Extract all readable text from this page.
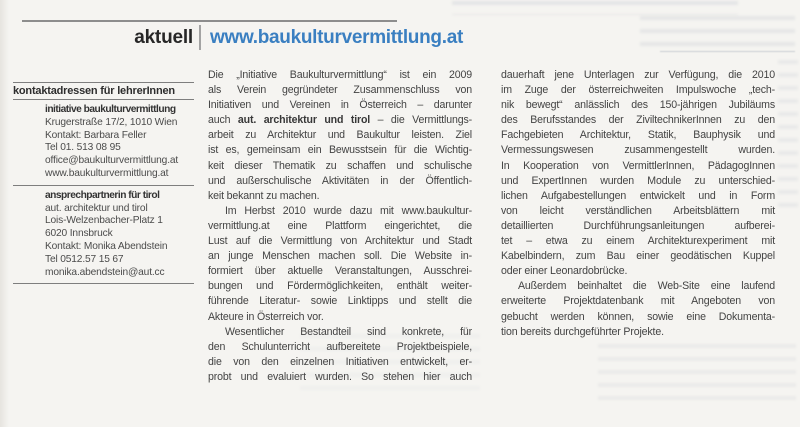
aktuell www.baukulturvermittlung.at
kontaktadressen für lehrerInnen
initiative baukulturvermittlung
Krugerstraße 17/2, 1010 Wien
Kontakt: Barbara Feller
Tel 01. 513 08 95
office@baukulturvermittlung.at
www.baukulturvermittlung.at
ansprechpartnerin für tirol
aut. architektur und tirol
Lois-Welzenbacher-Platz 1
6020 Innsbruck
Kontakt: Monika Abendstein
Tel 0512.57 15 67
monika.abendstein@aut.cc
Die „Initiative Baukulturvermittlung“ ist ein 2009
als Verein gegründeter Zusammenschluss von
Initiativen und Vereinen in Österreich – darunter
auch aut. architektur und tirol – die Vermittlungs-
arbeit zu Architektur und Baukultur leisten. Ziel
ist es, gemeinsam ein Bewusstsein für die Wichtig-
keit dieser Thematik zu schaffen und schulische
und außerschulische Aktivitäten in der Öffentlich-
keit bekannt zu machen.
Im Herbst 2010 wurde dazu mit www.baukultur-
vermittlung.at eine Plattform eingerichtet, die
Lust auf die Vermittlung von Architektur und Stadt
an junge Menschen machen soll. Die Website in-
formiert über aktuelle Veranstaltungen, Ausschrei-
bungen und Fördermöglichkeiten, enthält weiter-
führende Literatur- sowie Linktipps und stellt die
Akteure in Österreich vor.
Wesentlicher Bestandteil sind konkrete, für
den Schulunterricht aufbereitete Projektbeispiele,
die von den einzelnen Initiativen entwickelt, er-
probt und evaluiert wurden. So stehen hier auch
dauerhaft jene Unterlagen zur Verfügung, die 2010
im Zuge der österreichweiten Impulswoche „tech-
nik bewegt“ anlässlich des 150-jährigen Jubiläums
des Berufsstandes der ZiviltechnikerInnen zu den
Fachgebieten Architektur, Statik, Bauphysik und
Vermessungswesen zusammengestellt wurden.
In Kooperation von VermittlerInnen, PädagogInnen
und ExpertInnen wurden Module zu unterschied-
lichen Aufgabestellungen entwickelt und in Form
von leicht verständlichen Arbeitsblättern mit
detaillierten Durchführungsanleitungen aufberei-
tet – etwa zu einem Architekturexperiment mit
Kabelbindern, zum Bau einer geodätischen Kuppel
oder einer Leonardobrücke.
Außerdem beinhaltet die Web-Site eine laufend
erweiterte Projektdatenbank mit Angeboten von
gebucht werden können, sowie eine Dokumenta-
tion bereits durchgeführter Projekte.
